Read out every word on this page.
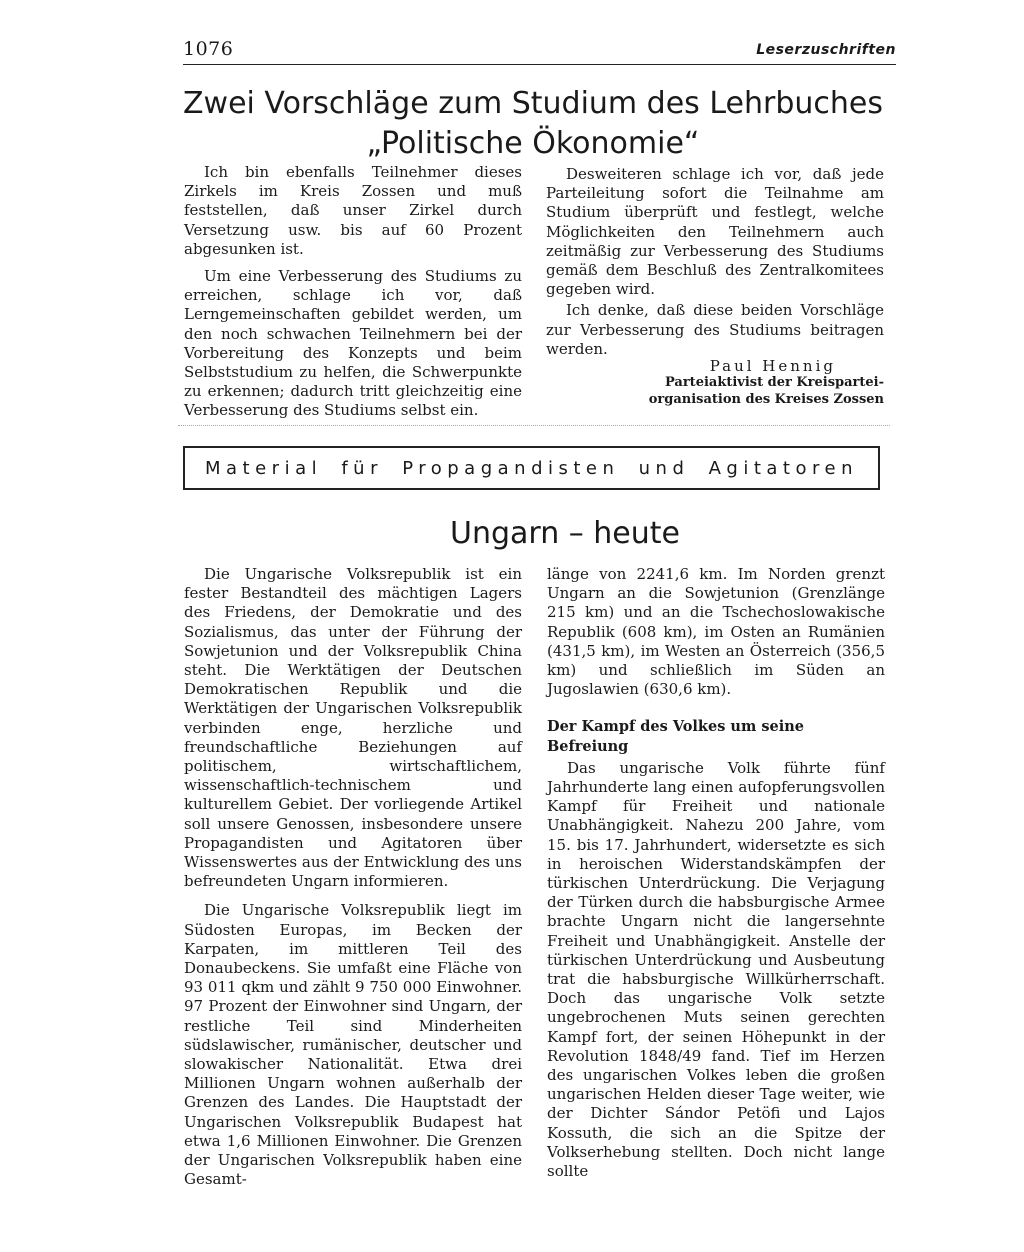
1076	Leserzuschriften
Zwei Vorschläge zum Studium des Lehrbuches
„Politische Ökonomie“

Ich bin ebenfalls Teilnehmer dieses Zirkels im Kreis Zossen und muß feststellen, daß unser Zirkel durch Versetzung usw. bis auf 60 Prozent abgesunken ist.

Um eine Verbesserung des Studiums zu erreichen, schlage ich vor, daß Lerngemeinschaften gebildet werden, um den noch schwachen Teilnehmern bei der Vorbereitung des Konzepts und beim Selbststudium zu helfen, die Schwerpunkte zu erkennen; dadurch tritt gleichzeitig eine Verbesserung des Studiums selbst ein.

Desweiteren schlage ich vor, daß jede Parteileitung sofort die Teilnahme am Studium überprüft und festlegt, welche Möglichkeiten den Teilnehmern auch zeitmäßig zur Verbesserung des Studiums gemäß dem Beschluß des Zentralkomitees gegeben wird.

Ich denke, daß diese beiden Vorschläge zur Verbesserung des Studiums beitragen werden.

Paul Hennig
Parteiaktivist der Kreispartei-
organisation des Kreises Zossen
Material für Propagandisten und Agitatoren
Ungarn – heute

Die Ungarische Volksrepublik ist ein fester Bestandteil des mächtigen Lagers des Friedens, der Demokratie und des Sozialismus, das unter der Führung der Sowjetunion und der Volksrepublik China steht. Die Werktätigen der Deutschen Demokratischen Republik und die Werktätigen der Ungarischen Volksrepublik verbinden enge, herzliche und freundschaftliche Beziehungen auf politischem, wirtschaftlichem, wissenschaftlich-technischem und kulturellem Gebiet. Der vorliegende Artikel soll unsere Genossen, insbesondere unsere Propagandisten und Agitatoren über Wissenswertes aus der Entwicklung des uns befreundeten Ungarn informieren.

Die Ungarische Volksrepublik liegt im Südosten Europas, im Becken der Karpaten, im mittleren Teil des Donaubeckens. Sie umfaßt eine Fläche von 93 011 qkm und zählt 9 750 000 Einwohner. 97 Prozent der Einwohner sind Ungarn, der restliche Teil sind Minderheiten südslawischer, rumänischer, deutscher und slowakischer Nationalität. Etwa drei Millionen Ungarn wohnen außerhalb der Grenzen des Landes. Die Hauptstadt der Ungarischen Volksrepublik Budapest hat etwa 1,6 Millionen Einwohner. Die Grenzen der Ungarischen Volksrepublik haben eine Gesamt-

länge von 2241,6 km. Im Norden grenzt Ungarn an die Sowjetunion (Grenzlänge 215 km) und an die Tschechoslowakische Republik (608 km), im Osten an Rumänien (431,5 km), im Westen an Österreich (356,5 km) und schließlich im Süden an Jugoslawien (630,6 km).

Der Kampf des Volkes um seine Befreiung

Das ungarische Volk führte fünf Jahrhunderte lang einen aufopferungsvollen Kampf für Freiheit und nationale Unabhängigkeit. Nahezu 200 Jahre, vom 15. bis 17. Jahrhundert, widersetzte es sich in heroischen Widerstandskämpfen der türkischen Unterdrückung. Die Verjagung der Türken durch die habsburgische Armee brachte Ungarn nicht die langersehnte Freiheit und Unabhängigkeit. Anstelle der türkischen Unterdrückung und Ausbeutung trat die habsburgische Willkürherrschaft. Doch das ungarische Volk setzte ungebrochenen Muts seinen gerechten Kampf fort, der seinen Höhepunkt in der Revolution 1848/49 fand. Tief im Herzen des ungarischen Volkes leben die großen ungarischen Helden dieser Tage weiter, wie der Dichter Sándor Petöfi und Lajos Kossuth, die sich an die Spitze der Volkserhebung stellten. Doch nicht lange sollte
